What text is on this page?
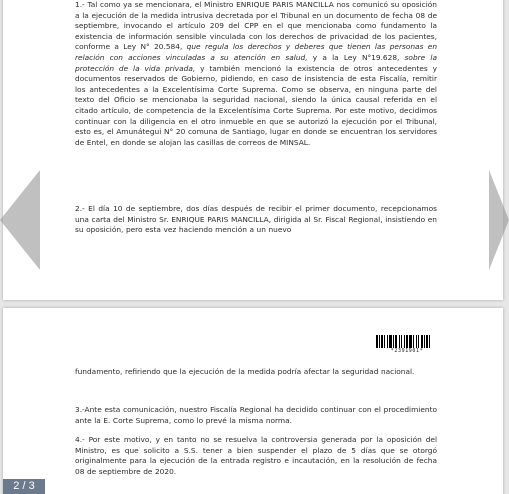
1.- Tal como ya se mencionara, el Ministro ENRIQUE PARIS MANCILLA nos comunicó su oposición a la ejecución de la medida intrusiva decretada por el Tribunal en un documento de fecha 08 de septiembre, invocando el artículo 209 del CPP en el que mencionaba como fundamento la existencia de información sensible vinculada con los derechos de privacidad de los pacientes, conforme a Ley N° 20.584, que regula los derechos y deberes que tienen las personas en relación con acciones vinculadas a su atención en salud, y a la Ley N°19.628, sobre la protección de la vida privada, y también mencionó la existencia de otros antecedentes y documentos reservados de Gobierno, pidiendo, en caso de insistencia de esta Fiscalía, remitir los antecedentes a la Excelentísima Corte Suprema. Como se observa, en ninguna parte del texto del Oficio se mencionaba la seguridad nacional, siendo la única causal referida en el citado artículo, de competencia de la Excelentísima Corte Suprema. Por este motivo, decidimos continuar con la diligencia en el otro inmueble en que se autorizó la ejecución por el Tribunal, esto es, el Amunátegui N° 20 comuna de Santiago, lugar en donde se encuentran los servidores de Entel, en donde se alojan las casillas de correos de MINSAL.

2.- El día 10 de septiembre, dos días después de recibir el primer documento, recepcionamos una carta del Ministro Sr. ENRIQUE PARIS MANCILLA, dirigida al Sr. Fiscal Regional, insistiendo en su oposición, pero esta vez haciendo mención a un nuevo

*2391901*

fundamento, refiriendo que la ejecución de la medida podría afectar la seguridad nacional.

3.-Ante esta comunicación, nuestro Fiscalía Regional ha decidido continuar con el procedimiento ante la E. Corte Suprema, como lo prevé la misma norma.

4.- Por este motivo, y en tanto no se resuelva la controversia generada por la oposición del Ministro, es que solicito a S.S. tener a bien suspender el plazo de 5 días que se otorgó originalmente para la ejecución de la entrada registro e incautación, en la resolución de fecha 08 de septiembre de 2020.

2 / 3
